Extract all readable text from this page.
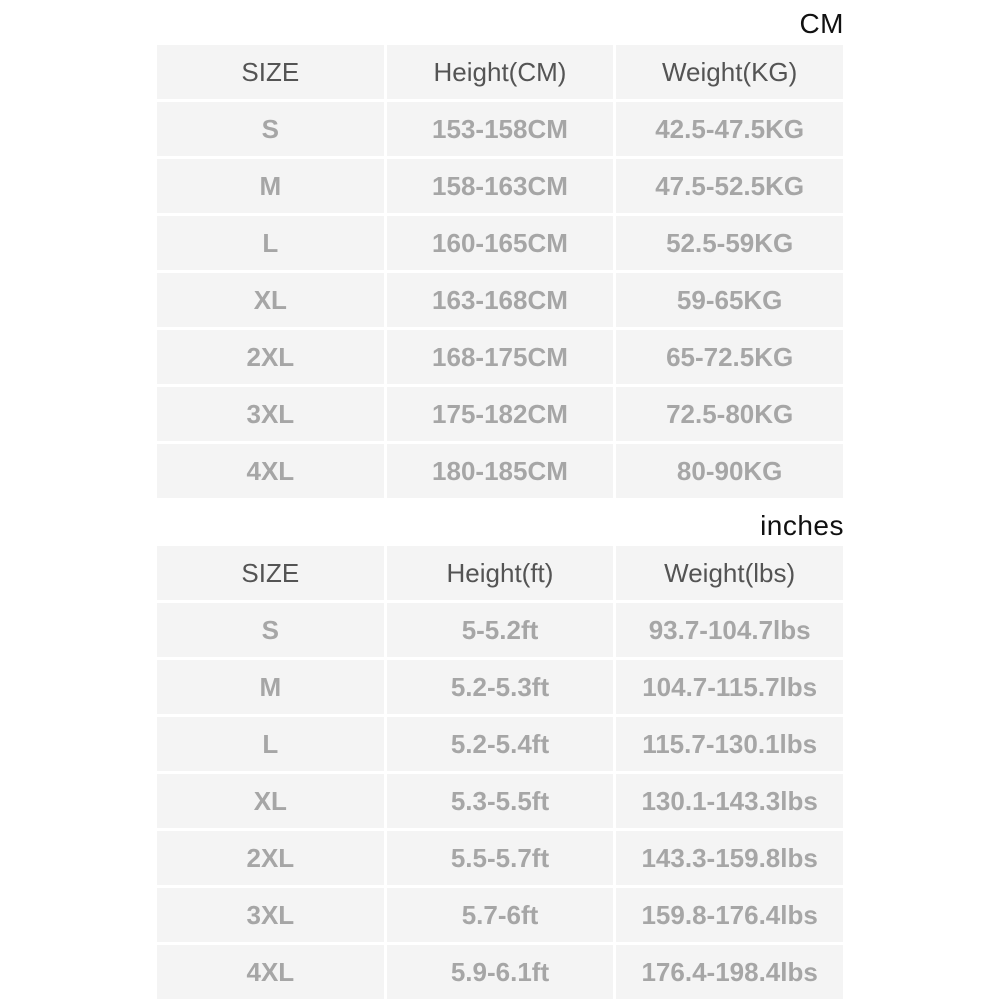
CM
SIZE	Height(CM)	Weight(KG)
S	153-158CM	42.5-47.5KG
M	158-163CM	47.5-52.5KG
L	160-165CM	52.5-59KG
XL	163-168CM	59-65KG
2XL	168-175CM	65-72.5KG
3XL	175-182CM	72.5-80KG
4XL	180-185CM	80-90KG
inches
SIZE	Height(ft)	Weight(lbs)
S	5-5.2ft	93.7-104.7lbs
M	5.2-5.3ft	104.7-115.7lbs
L	5.2-5.4ft	115.7-130.1lbs
XL	5.3-5.5ft	130.1-143.3lbs
2XL	5.5-5.7ft	143.3-159.8lbs
3XL	5.7-6ft	159.8-176.4lbs
4XL	5.9-6.1ft	176.4-198.4lbs
